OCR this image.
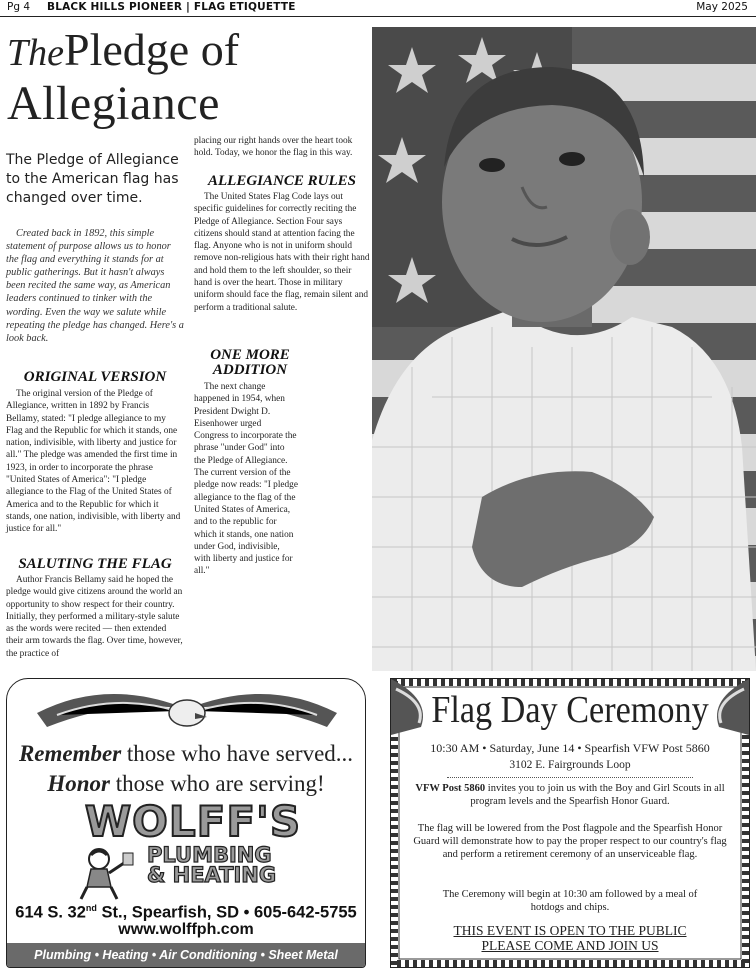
Pg 4 BLACK HILLS PIONEER | FLAG ETIQUETTE	May 2025
ThePledge of
Allegiance
The Pledge of Allegiance to the American flag has changed over time.
Created back in 1892, this simple statement of purpose allows us to honor the flag and everything it stands for at public gatherings. But it hasn't always been recited the same way, as American leaders continued to tinker with the wording. Even the way we salute while repeating the pledge has changed. Here's a look back.
ORIGINAL VERSION

The original version of the Pledge of Allegiance, written in 1892 by Francis Bellamy, stated: "I pledge allegiance to my Flag and the Republic for which it stands, one nation, indivisible, with liberty and justice for all." The pledge was amended the first time in 1923, in order to incorporate the phrase "United States of America": "I pledge allegiance to the Flag of the United States of America and to the Republic for which it stands, one nation, indivisible, with liberty and justice for all."

SALUTING THE FLAG

Author Francis Bellamy said he hoped the pledge would give citizens around the world an opportunity to show respect for their country. Initially, they performed a military-style salute as the words were recited — then extended their arm towards the flag. Over time, however, the practice of

placing our right hands over the heart took hold. Today, we honor the flag in this way.

ALLEGIANCE RULES

The United States Flag Code lays out specific guidelines for correctly reciting the Pledge of Allegiance. Section Four says citizens should stand at attention facing the flag. Anyone who is not in uniform should remove non-religious hats with their right hand and hold them to the left shoulder, so their hand is over the heart. Those in military uniform should face the flag, remain silent and perform a traditional salute.

ONE MORE
ADDITION

The next change happened in 1954, when President Dwight D. Eisenhower urged Congress to incorporate the phrase "under God" into the Pledge of Allegiance. The current version of the pledge now reads: "I pledge allegiance to the flag of the United States of America, and to the republic for which it stands, one nation under God, indivisible, with liberty and justice for all."

Remember those who have served...
Honor those who are serving!
WOLFF'S
PLUMBING
& HEATING
614 S. 32nd St., Spearfish, SD • 605-642-5755
www.wolffph.com
Plumbing • Heating • Air Conditioning • Sheet Metal
Flag Day Ceremony
10:30 AM • Saturday, June 14 • Spearfish VFW Post 5860
3102 E. Fairgrounds Loop
VFW Post 5860 invites you to join us with the Boy and Girl Scouts in all program levels and the Spearfish Honor Guard.
The flag will be lowered from the Post flagpole and the Spearfish Honor Guard will demonstrate how to pay the proper respect to our country's flag and perform a retirement ceremony of an unserviceable flag.
The Ceremony will begin at 10:30 am followed by a meal of hotdogs and chips.
THIS EVENT IS OPEN TO THE PUBLIC
PLEASE COME AND JOIN US
